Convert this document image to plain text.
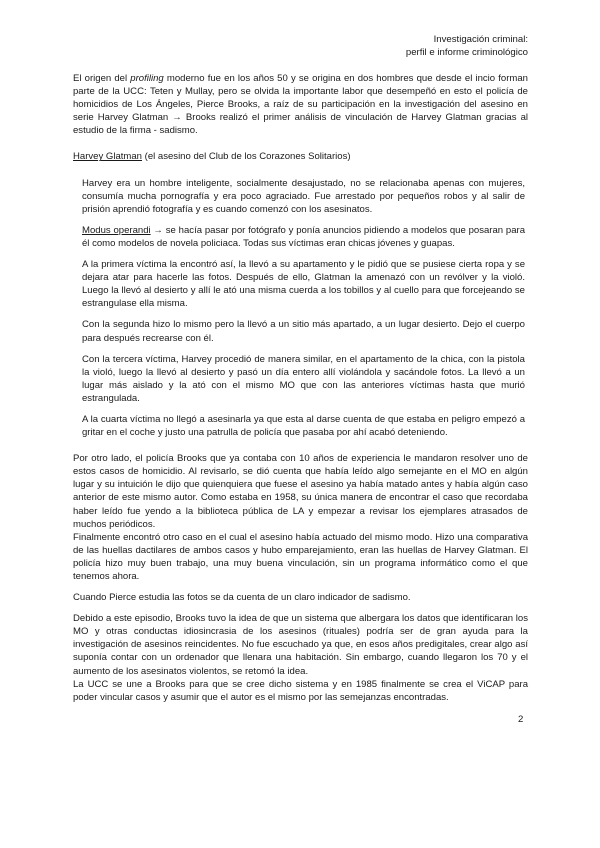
Investigación criminal:
perfil e informe criminológico

El origen del profiling moderno fue en los años 50 y se origina en dos hombres que desde el incio forman parte de la UCC: Teten y Mullay, pero se olvida la importante labor que desempeñó en esto el policía de homicidios de Los Ángeles, Pierce Brooks, a raíz de su participación en la investigación del asesino en serie Harvey Glatman → Brooks realizó el primer análisis de vinculación de Harvey Glatman gracias al estudio de la firma - sadismo.

Harvey Glatman (el asesino del Club de los Corazones Solitarios)

Harvey era un hombre inteligente, socialmente desajustado, no se relacionaba apenas con mujeres, consumía mucha pornografía y era poco agraciado. Fue arrestado por pequeños robos y al salir de prisión aprendió fotografía y es cuando comenzó con los asesinatos.

Modus operandi → se hacía pasar por fotógrafo y ponía anuncios pidiendo a modelos que posaran para él como modelos de novela policiaca. Todas sus víctimas eran chicas jóvenes y guapas.

A la primera víctima la encontró así, la llevó a su apartamento y le pidió que se pusiese cierta ropa y se dejara atar para hacerle las fotos. Después de ello, Glatman la amenazó con un revólver y la violó. Luego la llevó al desierto y allí le ató una misma cuerda a los tobillos y al cuello para que forcejeando se estrangulase ella misma.

Con la segunda hizo lo mismo pero la llevó a un sitio más apartado, a un lugar desierto. Dejo el cuerpo para después recrearse con él.

Con la tercera víctima, Harvey procedió de manera similar, en el apartamento de la chica, con la pistola la violó, luego la llevó al desierto y pasó un día entero allí violándola y sacándole fotos. La llevó a un lugar más aislado y la ató con el mismo MO que con las anteriores víctimas hasta que murió estrangulada.

A la cuarta víctima no llegó a asesinarla ya que esta al darse cuenta de que estaba en peligro empezó a gritar en el coche y justo una patrulla de policía que pasaba por ahí acabó deteniendo.

Por otro lado, el policía Brooks que ya contaba con 10 años de experiencia le mandaron resolver uno de estos casos de homicidio. Al revisarlo, se dió cuenta que había leído algo semejante en el MO en algún lugar y su intuición le dijo que quienquiera que fuese el asesino ya había matado antes y había algún caso anterior de este mismo autor. Como estaba en 1958, su única manera de encontrar el caso que recordaba haber leído fue yendo a la biblioteca pública de LA y empezar a revisar los ejemplares atrasados de muchos periódicos.

Finalmente encontró otro caso en el cual el asesino había actuado del mismo modo. Hizo una comparativa de las huellas dactilares de ambos casos y hubo emparejamiento, eran las huellas de Harvey Glatman. El policía hizo muy buen trabajo, una muy buena vinculación, sin un programa informático como el que tenemos ahora.

Cuando Pierce estudia las fotos se da cuenta de un claro indicador de sadismo.

Debido a este episodio, Brooks tuvo la idea de que un sistema que albergara los datos que identificaran los MO y otras conductas idiosincrasia de los asesinos (rituales) podría ser de gran ayuda para la investigación de asesinos reincidentes. No fue escuchado ya que, en esos años predigitales, crear algo así suponía contar con un ordenador que llenara una habitación. Sin embargo, cuando llegaron los 70 y el aumento de los asesinatos violentos, se retomó la idea.

La UCC se une a Brooks para que se cree dicho sistema y en 1985 finalmente se crea el ViCAP para poder vincular casos y asumir que el autor es el mismo por las semejanzas encontradas.

2
